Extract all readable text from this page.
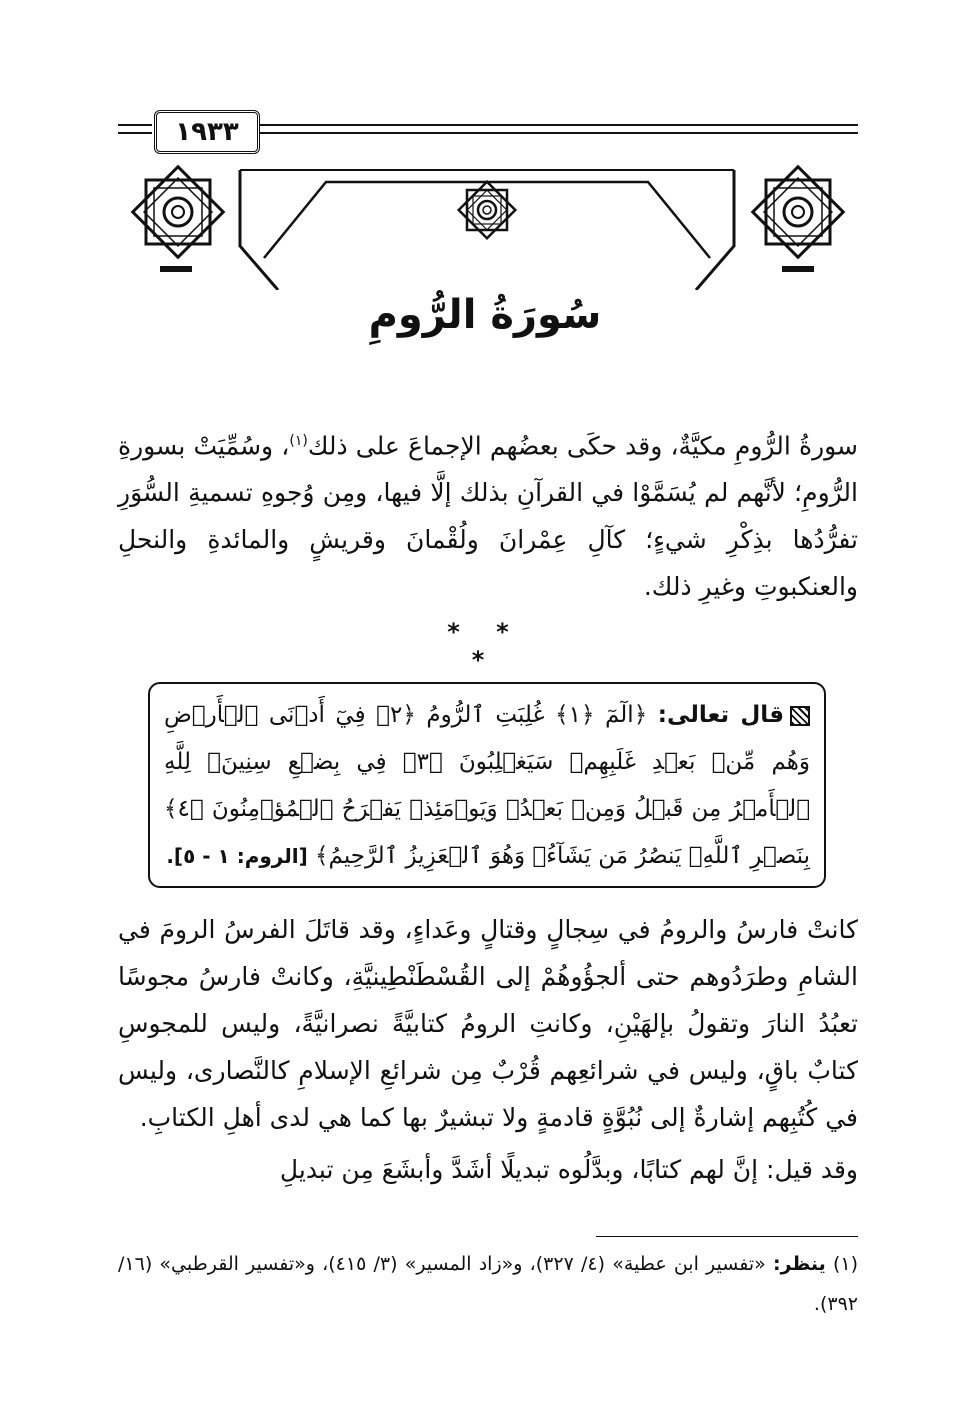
١٩٣٣
سُورَةُ الرُّومِ

سورةُ الرُّومِ مكيَّةٌ، وقد حكَى بعضُهم الإجماعَ على ذلك$^{(١)}$، وسُمِّيَتْ بسورةِ الرُّومِ؛ لأنَّهم لم يُسَمَّوْا في القرآنِ بذلك إلَّا فيها، ومِن وُجوهِ تسميةِ السُّوَرِ تفرُّدُها بذِكْرِ شيءٍ؛ كآلِ عِمْرانَ ولُقْمانَ وقريشٍ والمائدةِ والنحلِ والعنكبوتِ وغيرِ ذلك.

* * *
قال تعالى: ﴿الٓمٓ ﴿١﴾ غُلِبَتِ ٱلرُّومُ ﴿٢﴾ فِيٓ أَدۡنَى ٱلۡأَرۡضِ وَهُم مِّنۢ بَعۡدِ غَلَبِهِمۡ سَيَغۡلِبُونَ ﴿٣﴾ فِي بِضۡعِ سِنِينَۗ لِلَّهِ ٱلۡأَمۡرُ مِن قَبۡلُ وَمِنۢ بَعۡدُۚ وَيَوۡمَئِذٖ يَفۡرَحُ ٱلۡمُؤۡمِنُونَ ﴿٤﴾ بِنَصۡرِ ٱللَّهِۚ يَنصُرُ مَن يَشَآءُۖ وَهُوَ ٱلۡعَزِيزُ ٱلرَّحِيمُ﴾ [الروم: ١ - ٥].

كانتْ فارسُ والرومُ في سِجالٍ وقتالٍ وعَداءٍ، وقد قاتَلَ الفرسُ الرومَ في الشامِ وطرَدُوهم حتى ألجؤُوهُمْ إلى القُسْطَنْطِينيَّةِ، وكانتْ فارسُ مجوسًا تعبُدُ النارَ وتقولُ بإلهَيْنِ، وكانتِ الرومُ كتابيَّةً نصرانيَّةً، وليس للمجوسِ كتابٌ باقٍ، وليس في شرائعِهم قُرْبٌ مِن شرائعِ الإسلامِ كالنَّصارى، وليس في كُتُبِهم إشارةٌ إلى نُبُوَّةٍ قادمةٍ ولا تبشيرٌ بها كما هي لدى أهلِ الكتابِ.

وقد قيل: إنَّ لهم كتابًا، وبدَّلُوه تبديلًا أشَدَّ وأبشَعَ مِن تبديلِ

(١) ينظر: «تفسير ابن عطية» (٤/ ٣٢٧)، و«زاد المسير» (٣/ ٤١٥)، و«تفسير القرطبي» (١٦/ ٣٩٢).
